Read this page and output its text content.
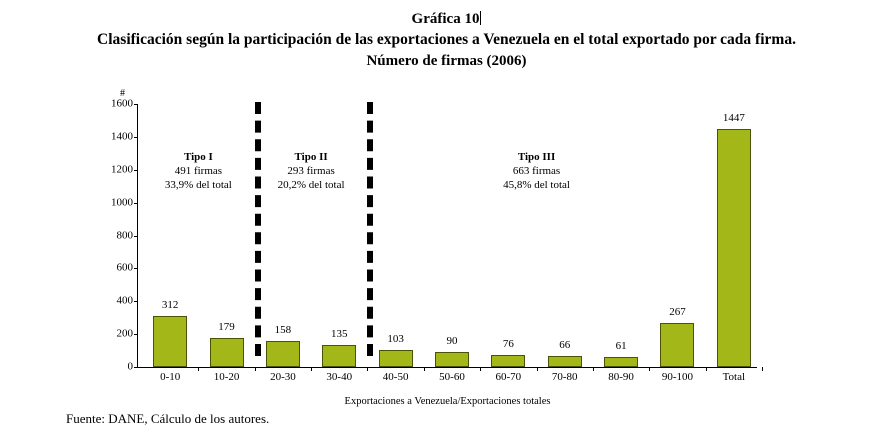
Gráfica 10
Clasificación según la participación de las exportaciones a Venezuela en el total exportado por cada firma.
Número de firmas (2006)
#
312
179	158	135	103	90	76	66	61
267
1447
0
200
400
600
800
1000
1200
1400
1600
0-10	10-20	20-30	30-40	40-50	50-60	60-70	70-80	80-90	90-100	Total
Tipo I
491 firmas
33,9% del total
Tipo II
293 firmas
20,2% del total
Tipo III
663 firmas
45,8% del total
Exportaciones a Venezuela/Exportaciones totales
Fuente: DANE, Cálculo de los autores.
